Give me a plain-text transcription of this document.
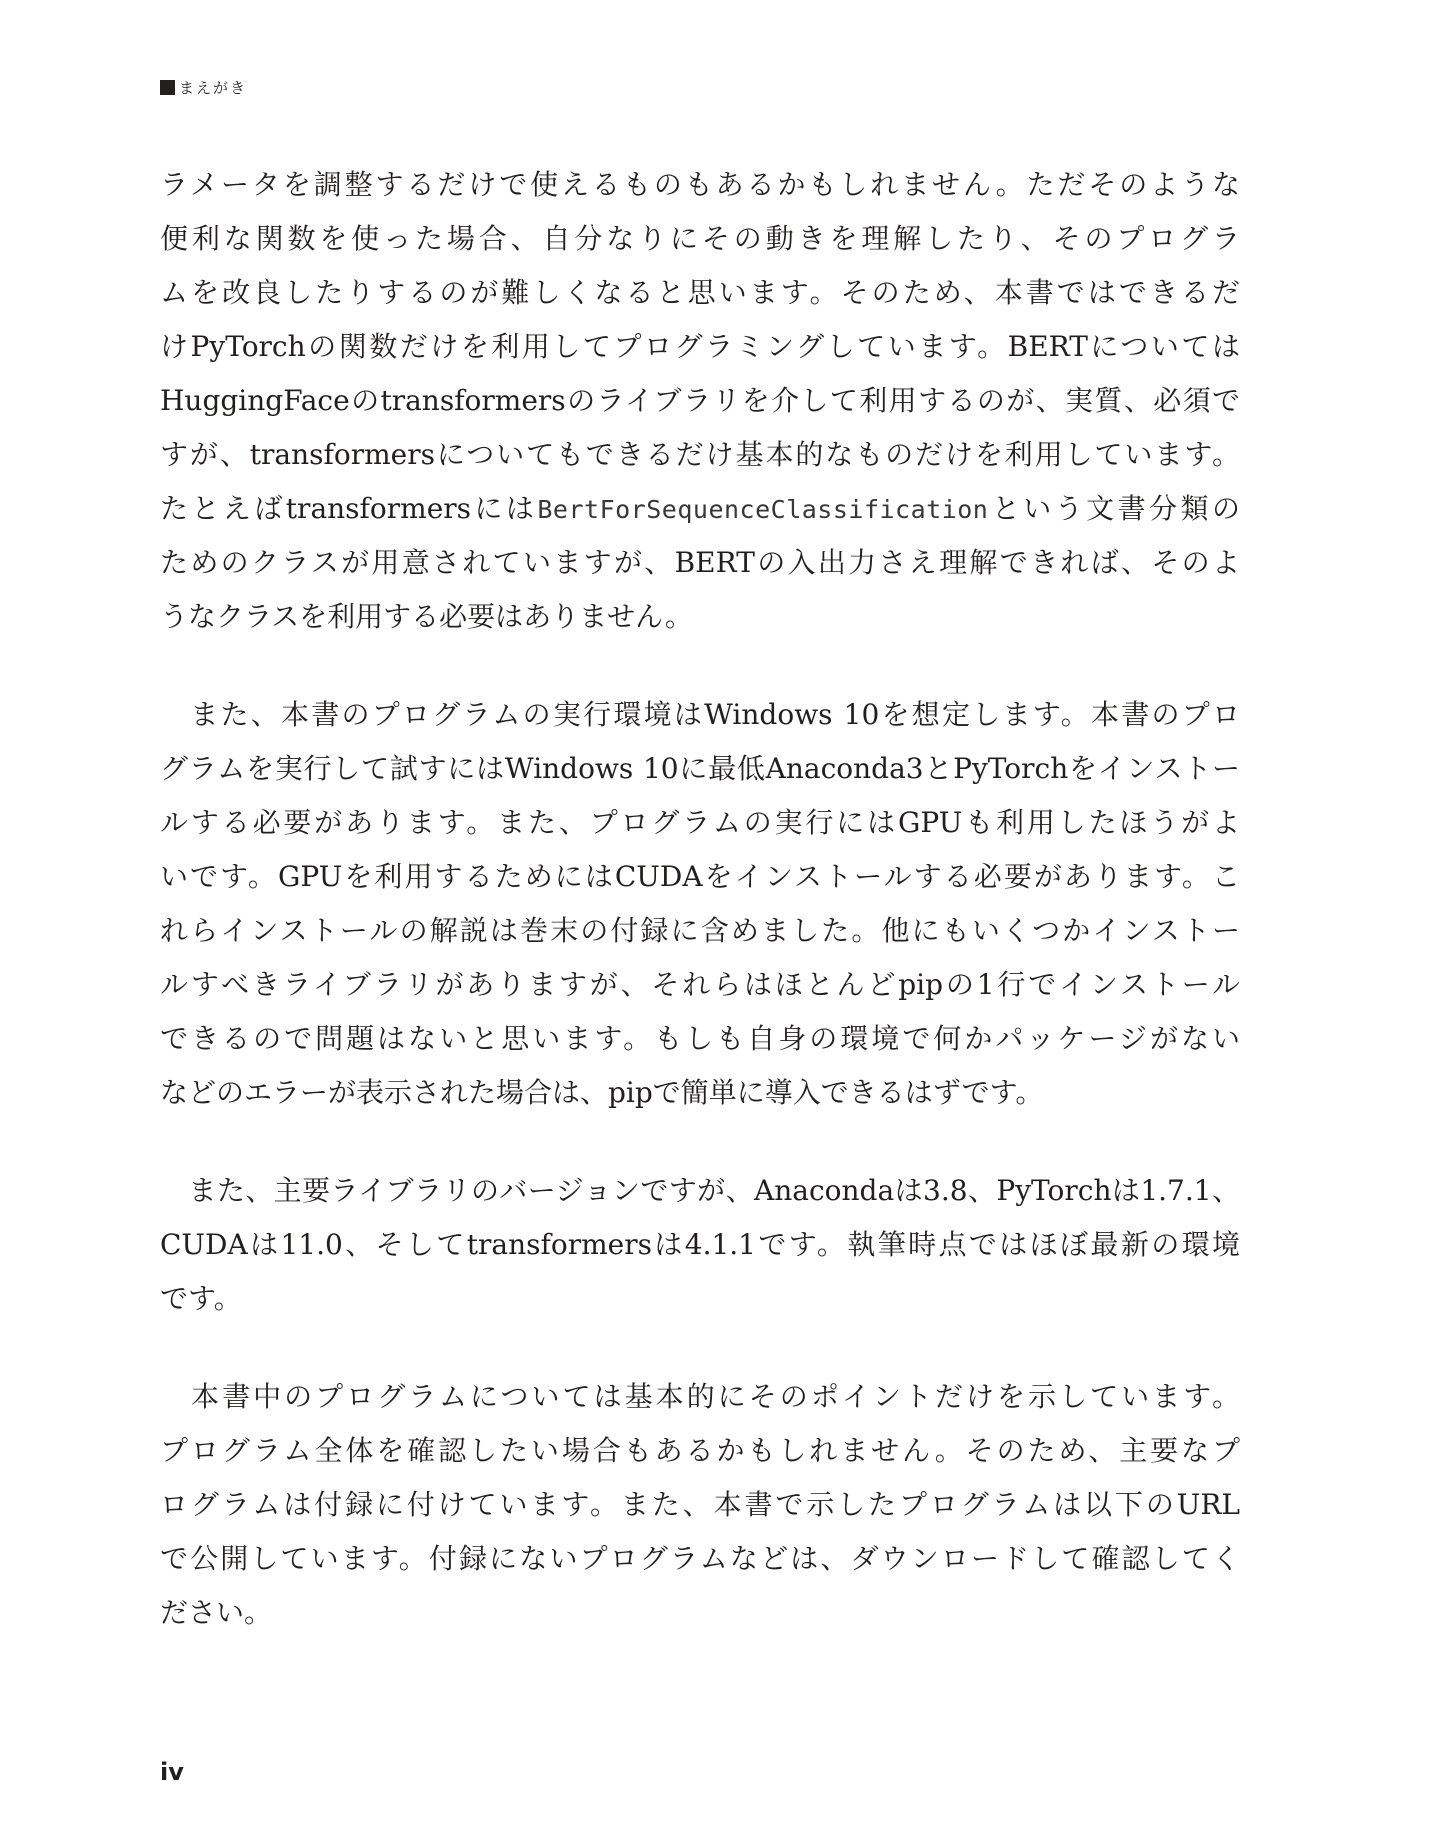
まえがき
ラメータを調整するだけで使えるものもあるかもしれません。ただそのような
便利な関数を使った場合、自分なりにその動きを理解したり、そのプログラ
ムを改良したりするのが難しくなると思います。そのため、本書ではできるだ
けPyTorchの関数だけを利用してプログラミングしています。BERTについては
HuggingFaceのtransformersのライブラリを介して利用するのが、実質、必須で
すが、transformersについてもできるだけ基本的なものだけを利用しています。
たとえばtransformersにはBertForSequenceClassificationという文書分類の
ためのクラスが用意されていますが、BERTの入出力さえ理解できれば、そのよ
うなクラスを利用する必要はありません。
　また、本書のプログラムの実行環境はWindows 10を想定します。本書のプロ
グラムを実行して試すにはWindows 10に最低Anaconda3とPyTorchをインストー
ルする必要があります。また、プログラムの実行にはGPUも利用したほうがよ
いです。GPUを利用するためにはCUDAをインストールする必要があります。こ
れらインストールの解説は巻末の付録に含めました。他にもいくつかインストー
ルすべきライブラリがありますが、それらはほとんどpipの1行でインストール
できるので問題はないと思います。もしも自身の環境で何かパッケージがない
などのエラーが表示された場合は、pipで簡単に導入できるはずです。
　また、主要ライブラリのバージョンですが、Anacondaは3.8、PyTorchは1.7.1、
CUDAは11.0、そしてtransformersは4.1.1です。執筆時点ではほぼ最新の環境
です。
　本書中のプログラムについては基本的にそのポイントだけを示しています。
プログラム全体を確認したい場合もあるかもしれません。そのため、主要なプ
ログラムは付録に付けています。また、本書で示したプログラムは以下のURL
で公開しています。付録にないプログラムなどは、ダウンロードして確認してく
ださい。
iv
